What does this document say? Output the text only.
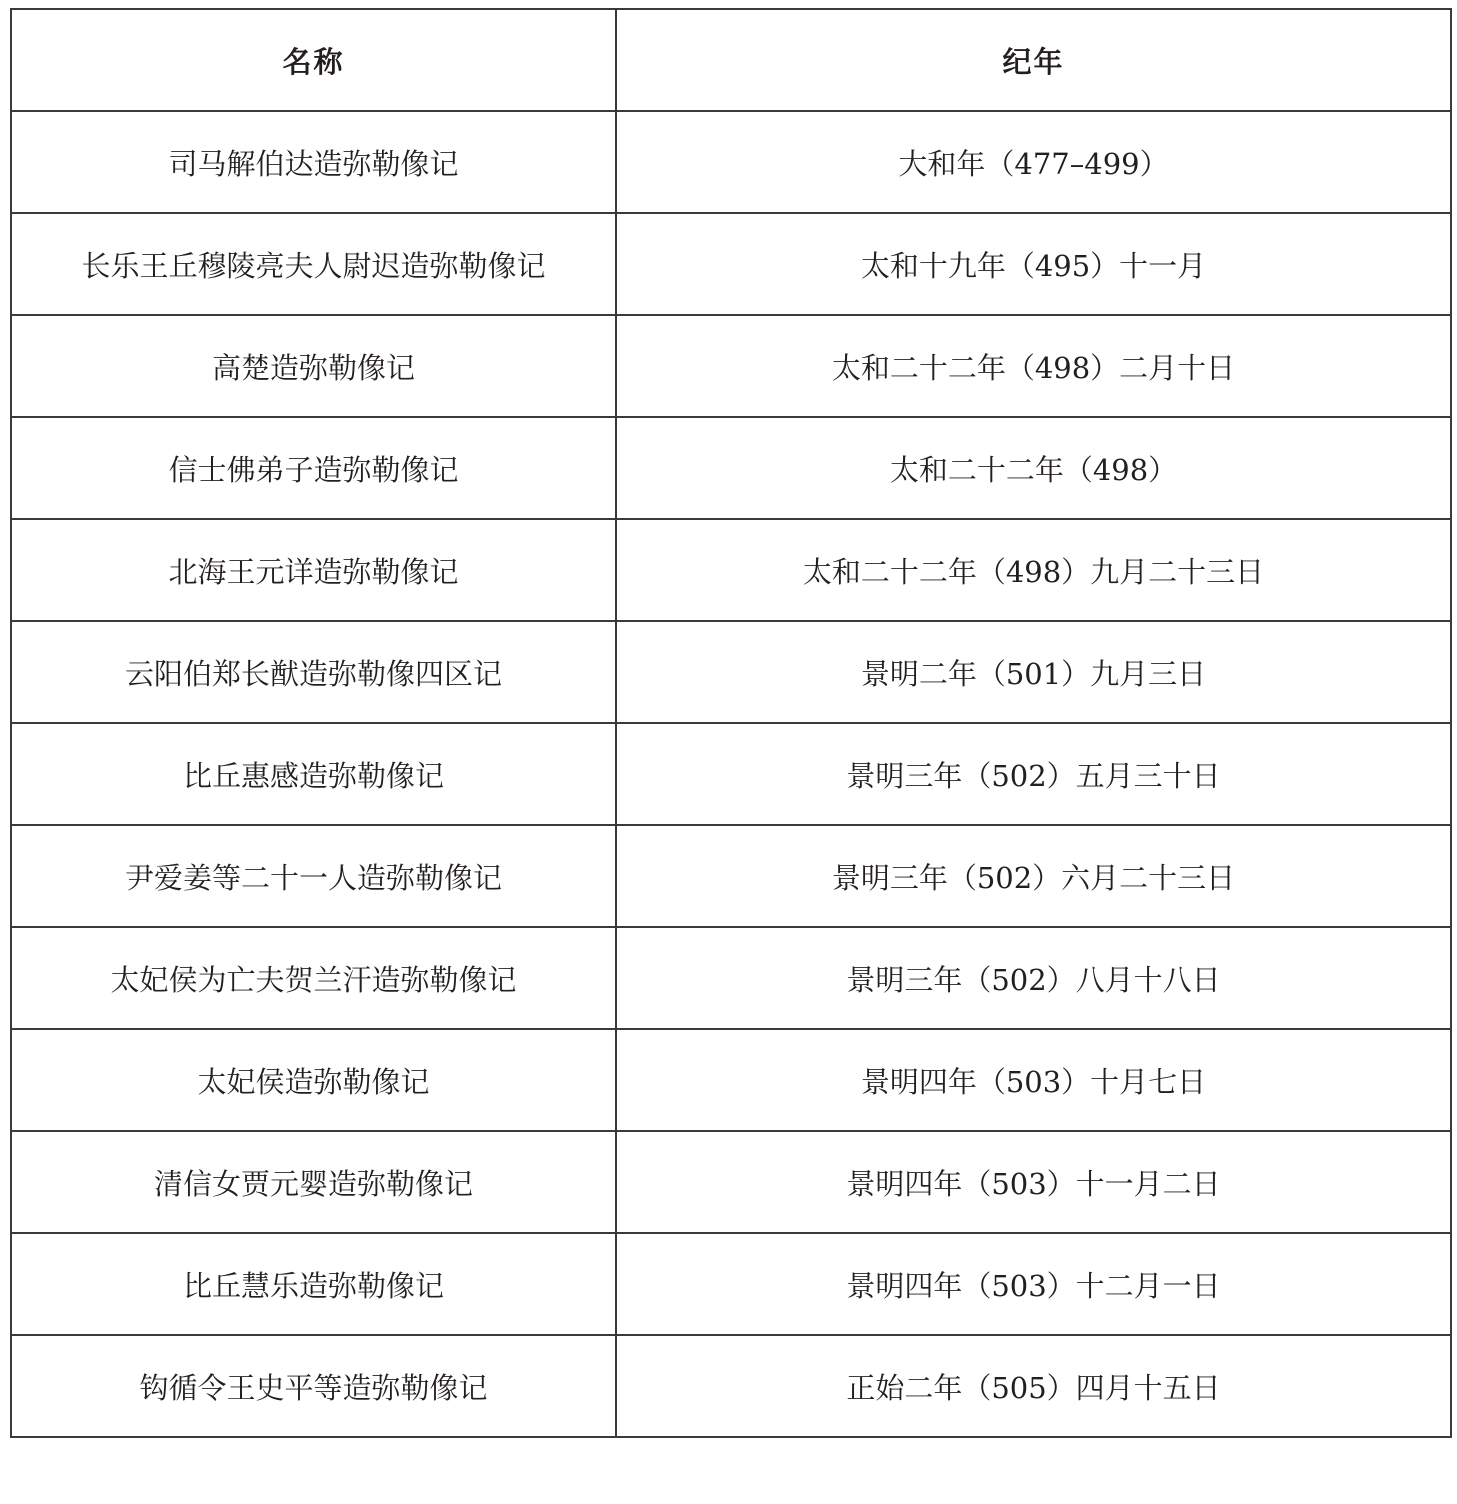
名称	纪年
司马解伯达造弥勒像记	大和年（477–499）
长乐王丘穆陵亮夫人尉迟造弥勒像记	太和十九年（495）十一月
高楚造弥勒像记	太和二十二年（498）二月十日
信士佛弟子造弥勒像记	太和二十二年（498）
北海王元详造弥勒像记	太和二十二年（498）九月二十三日
云阳伯郑长猷造弥勒像四区记	景明二年（501）九月三日
比丘惠感造弥勒像记	景明三年（502）五月三十日
尹爱姜等二十一人造弥勒像记	景明三年（502）六月二十三日
太妃侯为亡夫贺兰汗造弥勒像记	景明三年（502）八月十八日
太妃侯造弥勒像记	景明四年（503）十月七日
清信女贾元婴造弥勒像记	景明四年（503）十一月二日
比丘慧乐造弥勒像记	景明四年（503）十二月一日
钩循令王史平等造弥勒像记	正始二年（505）四月十五日
